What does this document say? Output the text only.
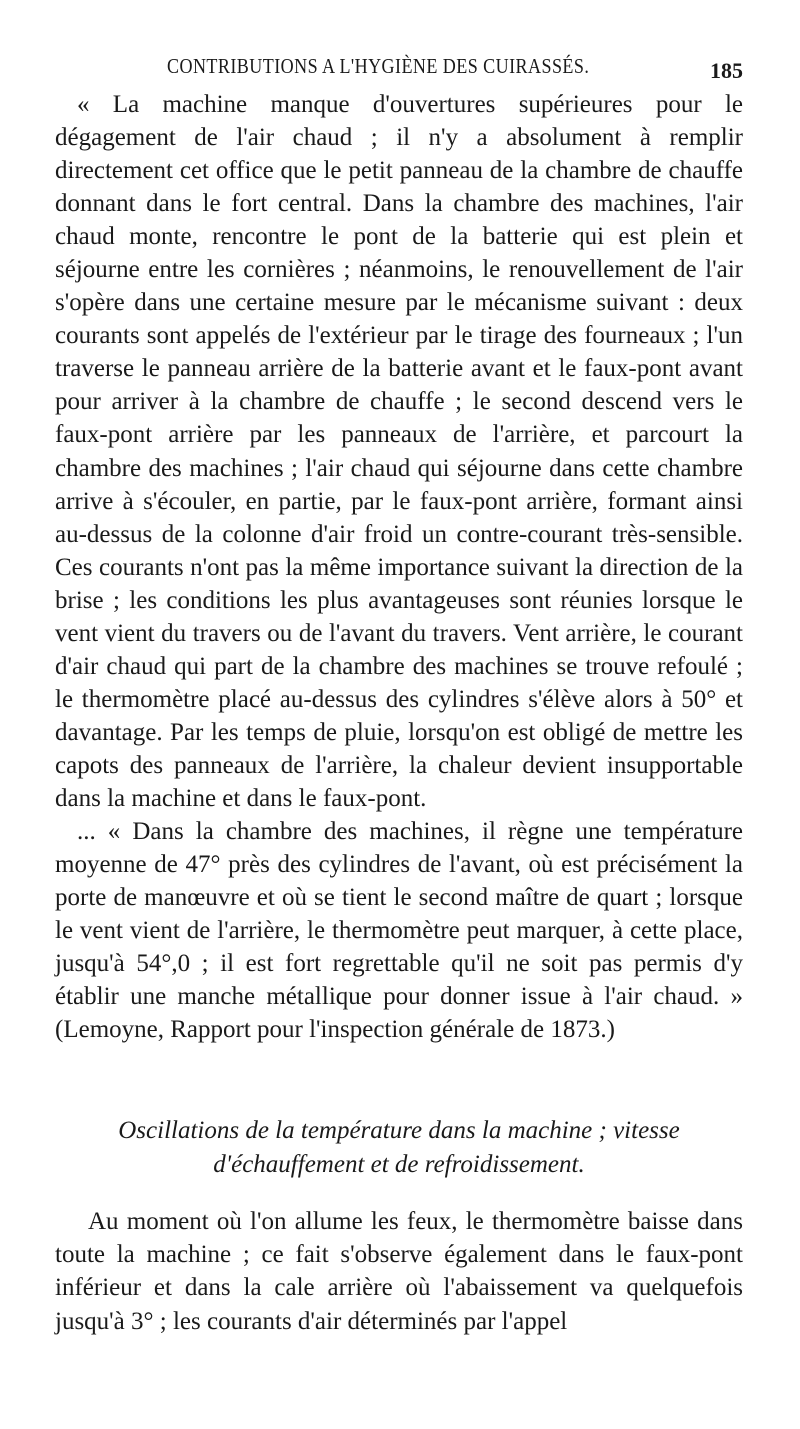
CONTRIBUTIONS A L'HYGIÈNE DES CUIRASSÉS.	185

« La machine manque d'ouvertures supérieures pour le dégagement de l'air chaud ; il n'y a absolument à remplir directement cet office que le petit panneau de la chambre de chauffe donnant dans le fort central. Dans la chambre des machines, l'air chaud monte, rencontre le pont de la batterie qui est plein et séjourne entre les cornières ; néanmoins, le renouvellement de l'air s'opère dans une certaine mesure par le mécanisme suivant : deux courants sont appelés de l'extérieur par le tirage des fourneaux ; l'un traverse le panneau arrière de la batterie avant et le faux-pont avant pour arriver à la chambre de chauffe ; le second descend vers le faux-pont arrière par les panneaux de l'arrière, et parcourt la chambre des machines ; l'air chaud qui séjourne dans cette chambre arrive à s'écouler, en partie, par le faux-pont arrière, formant ainsi au-dessus de la colonne d'air froid un contre-courant très-sensible. Ces courants n'ont pas la même importance suivant la direction de la brise ; les conditions les plus avantageuses sont réunies lorsque le vent vient du travers ou de l'avant du travers. Vent arrière, le courant d'air chaud qui part de la chambre des machines se trouve refoulé ; le thermomètre placé au-dessus des cylindres s'élève alors à 50° et davantage. Par les temps de pluie, lorsqu'on est obligé de mettre les capots des panneaux de l'arrière, la chaleur devient insupportable dans la machine et dans le faux-pont.

... « Dans la chambre des machines, il règne une température moyenne de 47° près des cylindres de l'avant, où est précisément la porte de manœuvre et où se tient le second maître de quart ; lorsque le vent vient de l'arrière, le thermomètre peut marquer, à cette place, jusqu'à 54°,0 ; il est fort regrettable qu'il ne soit pas permis d'y établir une manche métallique pour donner issue à l'air chaud. » (Lemoyne, Rapport pour l'inspection générale de 1873.)

Oscillations de la température dans la machine ; vitesse
d'échauffement et de refroidissement.

Au moment où l'on allume les feux, le thermomètre baisse dans toute la machine ; ce fait s'observe également dans le faux-pont inférieur et dans la cale arrière où l'abaissement va quelquefois jusqu'à 3° ; les courants d'air déterminés par l'appel
